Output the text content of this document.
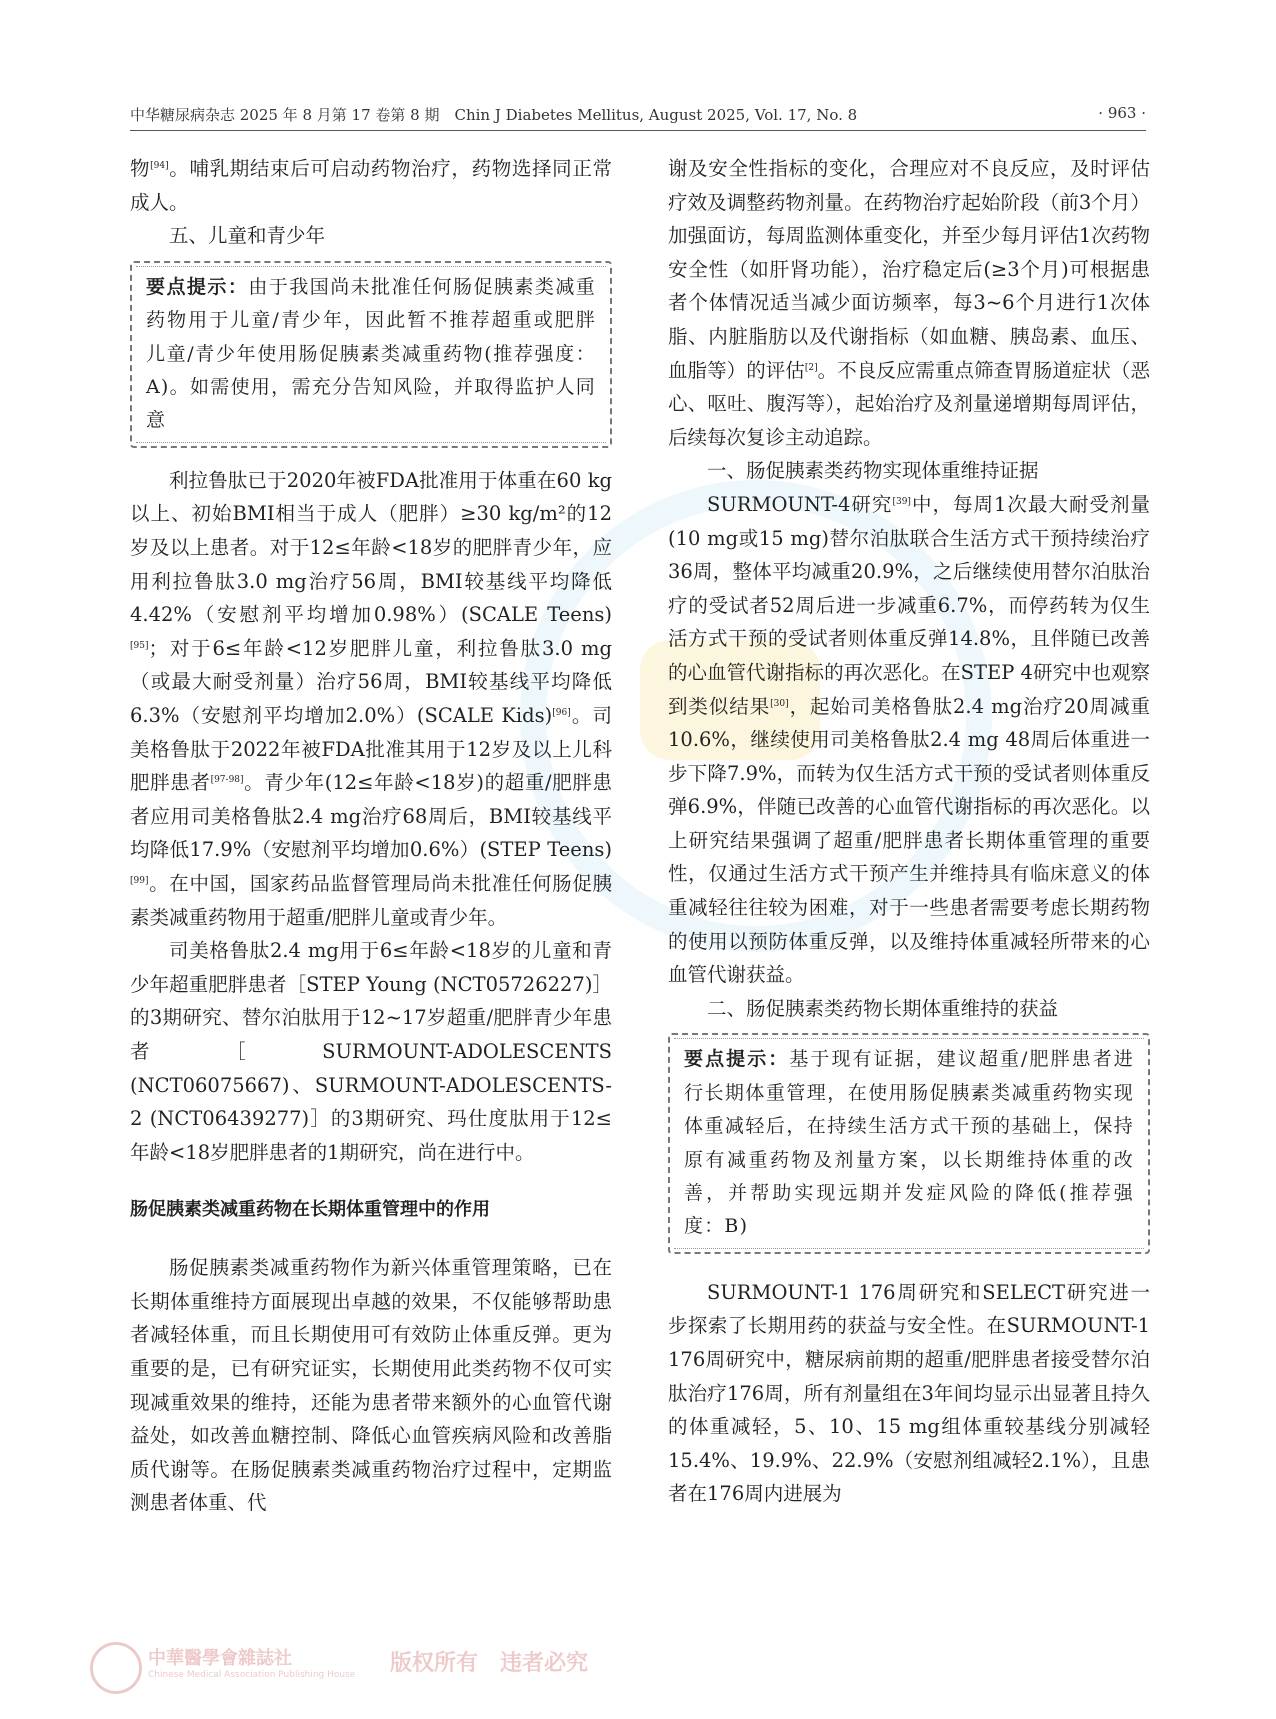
中华糖尿病杂志 2025 年 8 月第 17 卷第 8 期　Chin J Diabetes Mellitus, August 2025, Vol. 17, No. 8	· 963 ·

物[94]。哺乳期结束后可启动药物治疗，药物选择同正常成人。

五、儿童和青少年

要点提示：由于我国尚未批准任何肠促胰素类减重药物用于儿童/青少年，因此暂不推荐超重或肥胖儿童/青少年使用肠促胰素类减重药物(推荐强度：A)。如需使用，需充分告知风险，并取得监护人同意

利拉鲁肽已于2020年被FDA批准用于体重在60 kg以上、初始BMI相当于成人（肥胖）≥30 kg/m²的12岁及以上患者。对于12≤年龄<18岁的肥胖青少年，应用利拉鲁肽3.0 mg治疗56周，BMI较基线平均降低4.42%（安慰剂平均增加0.98%）(SCALE Teens)[95]；对于6≤年龄<12岁肥胖儿童，利拉鲁肽3.0 mg（或最大耐受剂量）治疗56周，BMI较基线平均降低6.3%（安慰剂平均增加2.0%）(SCALE Kids)[96]。司美格鲁肽于2022年被FDA批准其用于12岁及以上儿科肥胖患者[97-98]。青少年(12≤年龄<18岁)的超重/肥胖患者应用司美格鲁肽2.4 mg治疗68周后，BMI较基线平均降低17.9%（安慰剂平均增加0.6%）(STEP Teens)[99]。在中国，国家药品监督管理局尚未批准任何肠促胰素类减重药物用于超重/肥胖儿童或青少年。

司美格鲁肽2.4 mg用于6≤年龄<18岁的儿童和青少年超重肥胖患者［STEP Young (NCT05726227)］的3期研究、替尔泊肽用于12~17岁超重/肥胖青少年患者［SURMOUNT-ADOLESCENTS (NCT06075667)、SURMOUNT-ADOLESCENTS-2 (NCT06439277)］的3期研究、玛仕度肽用于12≤年龄<18岁肥胖患者的1期研究，尚在进行中。

肠促胰素类减重药物在长期体重管理中的作用

肠促胰素类减重药物作为新兴体重管理策略，已在长期体重维持方面展现出卓越的效果，不仅能够帮助患者减轻体重，而且长期使用可有效防止体重反弹。更为重要的是，已有研究证实，长期使用此类药物不仅可实现减重效果的维持，还能为患者带来额外的心血管代谢益处，如改善血糖控制、降低心血管疾病风险和改善脂质代谢等。在肠促胰素类减重药物治疗过程中，定期监测患者体重、代

谢及安全性指标的变化，合理应对不良反应，及时评估疗效及调整药物剂量。在药物治疗起始阶段（前3个月）加强面访，每周监测体重变化，并至少每月评估1次药物安全性（如肝肾功能），治疗稳定后(≥3个月)可根据患者个体情况适当减少面访频率，每3~6个月进行1次体脂、内脏脂肪以及代谢指标（如血糖、胰岛素、血压、血脂等）的评估[2]。不良反应需重点筛查胃肠道症状（恶心、呕吐、腹泻等），起始治疗及剂量递增期每周评估，后续每次复诊主动追踪。

一、肠促胰素类药物实现体重维持证据

SURMOUNT-4研究[39]中，每周1次最大耐受剂量(10 mg或15 mg)替尔泊肽联合生活方式干预持续治疗36周，整体平均减重20.9%，之后继续使用替尔泊肽治疗的受试者52周后进一步减重6.7%，而停药转为仅生活方式干预的受试者则体重反弹14.8%，且伴随已改善的心血管代谢指标的再次恶化。在STEP 4研究中也观察到类似结果[30]，起始司美格鲁肽2.4 mg治疗20周减重10.6%，继续使用司美格鲁肽2.4 mg 48周后体重进一步下降7.9%，而转为仅生活方式干预的受试者则体重反弹6.9%，伴随已改善的心血管代谢指标的再次恶化。以上研究结果强调了超重/肥胖患者长期体重管理的重要性，仅通过生活方式干预产生并维持具有临床意义的体重减轻往往较为困难，对于一些患者需要考虑长期药物的使用以预防体重反弹，以及维持体重减轻所带来的心血管代谢获益。

二、肠促胰素类药物长期体重维持的获益

要点提示：基于现有证据，建议超重/肥胖患者进行长期体重管理，在使用肠促胰素类减重药物实现体重减轻后，在持续生活方式干预的基础上，保持原有减重药物及剂量方案，以长期维持体重的改善，并帮助实现远期并发症风险的降低(推荐强度：B)

SURMOUNT-1 176周研究和SELECT研究进一步探索了长期用药的获益与安全性。在SURMOUNT-1 176周研究中，糖尿病前期的超重/肥胖患者接受替尔泊肽治疗176周，所有剂量组在3年间均显示出显著且持久的体重减轻，5、10、15 mg组体重较基线分别减轻15.4%、19.9%、22.9%（安慰剂组减轻2.1%），且患者在176周内进展为

中華醫學會雜誌社
Chinese Medical Association Publishing House 版权所有　违者必究
